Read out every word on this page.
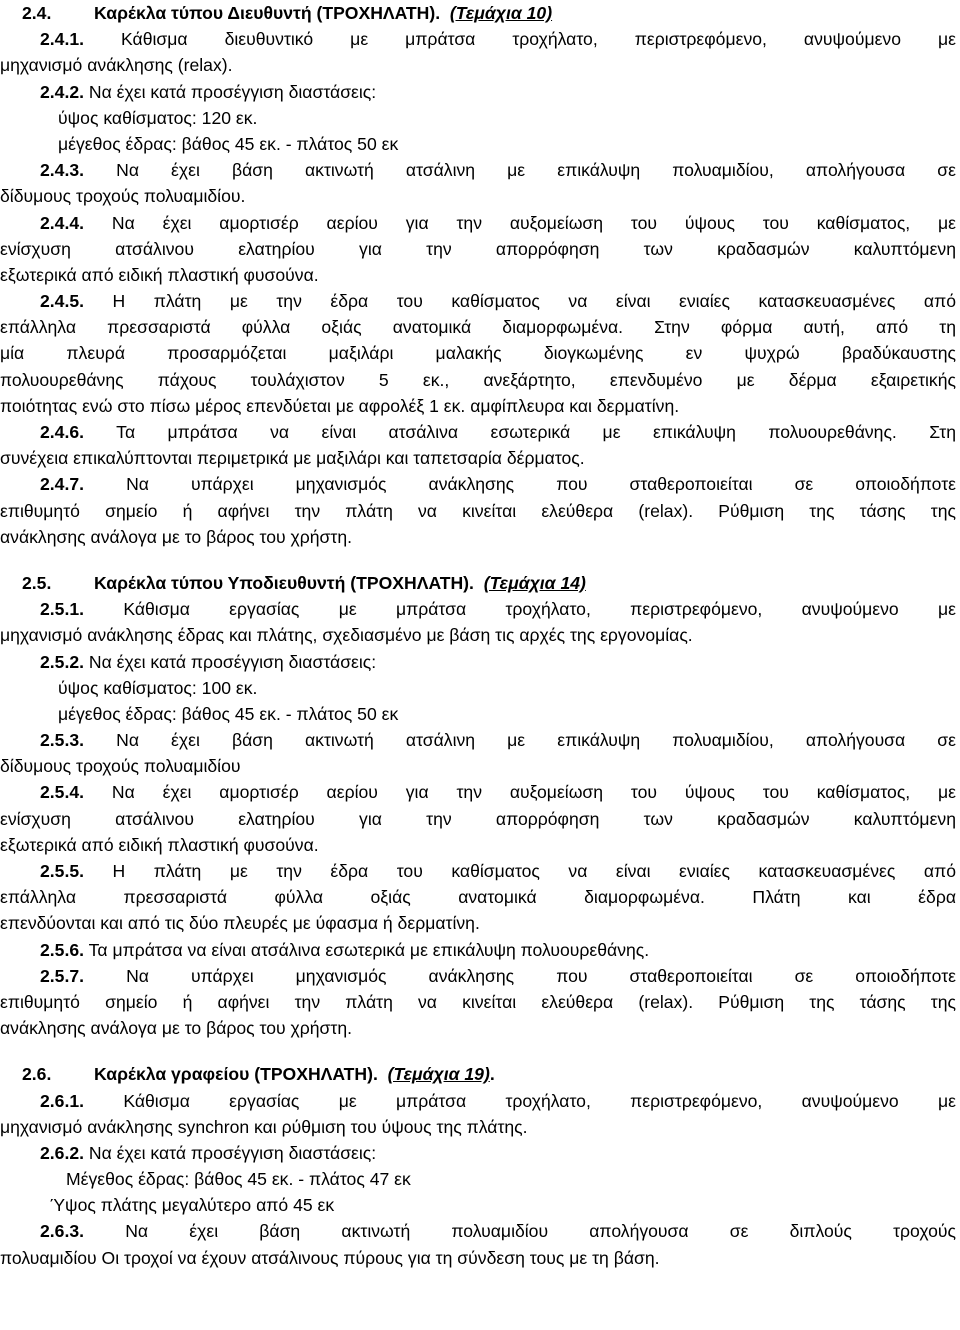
2.4. Καρέκλα τύπου Διευθυντή (ΤΡΟΧΗΛΑΤΗ). (Τεμάχια 10)
2.4.1. Κάθισμα διευθυντικό με μπράτσα τροχήλατο, περιστρεφόμενο, ανυψούμενο με
μηχανισμό ανάκλησης (relax).
2.4.2. Να έχει κατά προσέγγιση διαστάσεις:
ύψος καθίσματος: 120 εκ.
μέγεθος έδρας: βάθος 45 εκ. - πλάτος 50 εκ
2.4.3. Να έχει βάση ακτινωτή ατσάλινη με επικάλυψη πολυαμιδίου, απολήγουσα σε
δίδυμους τροχούς πολυαμιδίου.
2.4.4. Να έχει αμορτισέρ αερίου για την αυξομείωση του ύψους του καθίσματος, με
ενίσχυση ατσάλινου ελατηρίου για την απορρόφηση των κραδασμών καλυπτόμενη
εξωτερικά από ειδική πλαστική φυσούνα.
2.4.5. Η πλάτη με την έδρα του καθίσματος να είναι ενιαίες κατασκευασμένες από
επάλληλα πρεσσαριστά φύλλα οξιάς ανατομικά διαμορφωμένα. Στην φόρμα αυτή, από τη
μία πλευρά προσαρμόζεται μαξιλάρι μαλακής διογκωμένης εν ψυχρώ βραδύκαυστης
πολυουρεθάνης πάχους τουλάχιστον 5 εκ., ανεξάρτητο, επενδυμένο με δέρμα εξαιρετικής
ποιότητας ενώ στο πίσω μέρος επενδύεται με αφρολέξ 1 εκ. αμφίπλευρα και δερματίνη.
2.4.6. Τα μπράτσα να είναι ατσάλινα εσωτερικά με επικάλυψη πολυουρεθάνης. Στη
συνέχεια επικαλύπτονται περιμετρικά με μαξιλάρι και ταπετσαρία δέρματος.
2.4.7. Να υπάρχει μηχανισμός ανάκλησης που σταθεροποιείται σε οποιοδήποτε
επιθυμητό σημείο ή αφήνει την πλάτη να κινείται ελεύθερα (relax). Ρύθμιση της τάσης της
ανάκλησης ανάλογα με το βάρος του χρήστη.
2.5. Καρέκλα τύπου Υποδιευθυντή (ΤΡΟΧΗΛΑΤΗ). (Τεμάχια 14)
2.5.1. Κάθισμα εργασίας με μπράτσα τροχήλατο, περιστρεφόμενο, ανυψούμενο με
μηχανισμό ανάκλησης έδρας και πλάτης, σχεδιασμένο με βάση τις αρχές της εργονομίας.
2.5.2. Να έχει κατά προσέγγιση διαστάσεις:
ύψος καθίσματος: 100 εκ.
μέγεθος έδρας: βάθος 45 εκ. - πλάτος 50 εκ
2.5.3. Να έχει βάση ακτινωτή ατσάλινη με επικάλυψη πολυαμιδίου, απολήγουσα σε
δίδυμους τροχούς πολυαμιδίου
2.5.4. Να έχει αμορτισέρ αερίου για την αυξομείωση του ύψους του καθίσματος, με
ενίσχυση ατσάλινου ελατηρίου για την απορρόφηση των κραδασμών καλυπτόμενη
εξωτερικά από ειδική πλαστική φυσούνα.
2.5.5. Η πλάτη με την έδρα του καθίσματος να είναι ενιαίες κατασκευασμένες από
επάλληλα πρεσσαριστά φύλλα οξιάς ανατομικά διαμορφωμένα. Πλάτη και έδρα
επενδύονται και από τις δύο πλευρές με ύφασμα ή δερματίνη.
2.5.6. Τα μπράτσα να είναι ατσάλινα εσωτερικά με επικάλυψη πολυουρεθάνης.
2.5.7. Να υπάρχει μηχανισμός ανάκλησης που σταθεροποιείται σε οποιοδήποτε
επιθυμητό σημείο ή αφήνει την πλάτη να κινείται ελεύθερα (relax). Ρύθμιση της τάσης της
ανάκλησης ανάλογα με το βάρος του χρήστη.
2.6. Καρέκλα γραφείου (ΤΡΟΧΗΛΑΤΗ). (Τεμάχια 19).
2.6.1. Κάθισμα εργασίας με μπράτσα τροχήλατο, περιστρεφόμενο, ανυψούμενο με
μηχανισμό ανάκλησης synchron και ρύθμιση του ύψους της πλάτης.
2.6.2. Να έχει κατά προσέγγιση διαστάσεις:
Μέγεθος έδρας: βάθος 45 εκ. - πλάτος 47 εκ
Ύψος πλάτης μεγαλύτερο από 45 εκ
2.6.3. Να έχει βάση ακτινωτή πολυαμιδίου απολήγουσα σε διπλούς τροχούς
πολυαμιδίου Οι τροχοί να έχουν ατσάλινους πύρους για τη σύνδεση τους με τη βάση.
